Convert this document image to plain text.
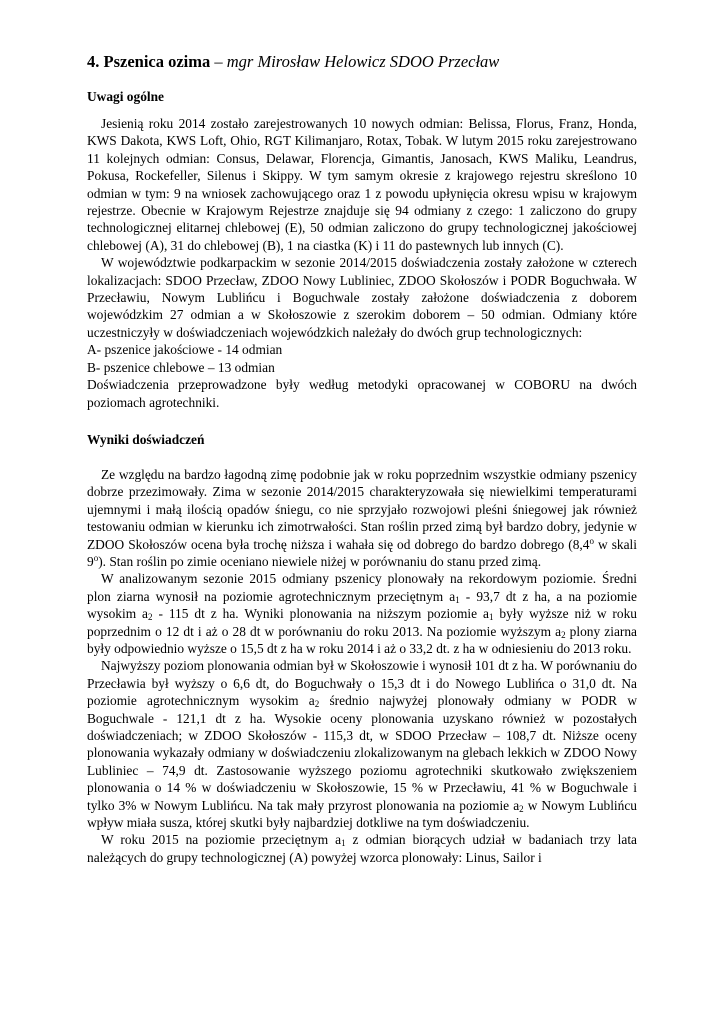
4. Pszenica ozima – mgr Mirosław Helowicz SDOO Przecław
Uwagi ogólne

Jesienią roku 2014 zostało zarejestrowanych 10 nowych odmian: Belissa, Florus, Franz, Honda, KWS Dakota, KWS Loft, Ohio, RGT Kilimanjaro, Rotax, Tobak. W lutym 2015 roku zarejestrowano 11 kolejnych odmian: Consus, Delawar, Florencja, Gimantis, Janosach, KWS Maliku, Leandrus, Pokusa, Rockefeller, Silenus i Skippy. W tym samym okresie z krajowego rejestru skreślono 10 odmian w tym: 9 na wniosek zachowującego oraz 1 z powodu upłynięcia okresu wpisu w krajowym rejestrze. Obecnie w Krajowym Rejestrze znajduje się 94 odmiany z czego: 1 zaliczono do grupy technologicznej elitarnej chlebowej (E), 50 odmian zaliczono do grupy technologicznej jakościowej chlebowej (A), 31 do chlebowej (B), 1 na ciastka (K) i 11 do pastewnych lub innych (C).

W województwie podkarpackim w sezonie 2014/2015 doświadczenia zostały założone w czterech lokalizacjach: SDOO Przecław, ZDOO Nowy Lubliniec, ZDOO Skołoszów i PODR Boguchwała. W Przecławiu, Nowym Lublińcu i Boguchwale zostały założone doświadczenia z doborem wojewódzkim 27 odmian a w Skołoszowie z szerokim doborem – 50 odmian. Odmiany które uczestniczyły w doświadczeniach wojewódzkich należały do dwóch grup technologicznych:

A- pszenice jakościowe - 14 odmian

B- pszenice chlebowe – 13 odmian

Doświadczenia przeprowadzone były według metodyki opracowanej w COBORU na dwóch poziomach agrotechniki.

Wyniki doświadczeń

Ze względu na bardzo łagodną zimę podobnie jak w roku poprzednim wszystkie odmiany pszenicy dobrze przezimowały. Zima w sezonie 2014/2015 charakteryzowała się niewielkimi temperaturami ujemnymi i małą ilością opadów śniegu, co nie sprzyjało rozwojowi pleśni śniegowej jak również testowaniu odmian w kierunku ich zimotrwałości. Stan roślin przed zimą był bardzo dobry, jedynie w ZDOO Skołoszów ocena była trochę niższa i wahała się od dobrego do bardzo dobrego (8,4$^o$ w skali 9$^o$). Stan roślin po zimie oceniano niewiele niżej w porównaniu do stanu przed zimą.

W analizowanym sezonie 2015 odmiany pszenicy plonowały na rekordowym poziomie. Średni plon ziarna wynosił na poziomie agrotechnicznym przeciętnym $a_1 - 93,7$ dt z ha, a na poziomie wysokim $a_2 - 115$ dt z ha. Wyniki plonowania na niższym poziomie $a_1$ były wyższe niż w roku poprzednim o 12 dt i aż o 28 dt w porównaniu do roku 2013. Na poziomie wyższym $a_2$ plony ziarna były odpowiednio wyższe o 15,5 dt z ha w roku 2014 i aż o 33,2 dt. z ha w odniesieniu do 2013 roku.

Najwyższy poziom plonowania odmian był w Skołoszowie i wynosił 101 dt z ha. W porównaniu do Przecławia był wyższy o 6,6 dt, do Boguchwały o 15,3 dt i do Nowego Lublińca o 31,0 dt. Na poziomie agrotechnicznym wysokim $a_2$ średnio najwyżej plonowały odmiany w PODR w Boguchwale - 121,1 dt z ha. Wysokie oceny plonowania uzyskano również w pozostałych doświadczeniach; w ZDOO Skołoszów - 115,3 dt, w SDOO Przecław – 108,7 dt. Niższe oceny plonowania wykazały odmiany w doświadczeniu zlokalizowanym na glebach lekkich w ZDOO Nowy Lubliniec – 74,9 dt. Zastosowanie wyższego poziomu agrotechniki skutkowało zwiększeniem plonowania o 14 % w doświadczeniu w Skołoszowie, 15 % w Przecławiu, 41 % w Boguchwale i tylko 3% w Nowym Lublińcu. Na tak mały przyrost plonowania na poziomie $a_2$ w Nowym Lublińcu wpływ miała susza, której skutki były najbardziej dotkliwe na tym doświadczeniu.

W roku 2015 na poziomie przeciętnym $a_1$ z odmian biorących udział w badaniach trzy lata należących do grupy technologicznej (A) powyżej wzorca plonowały: Linus, Sailor i
